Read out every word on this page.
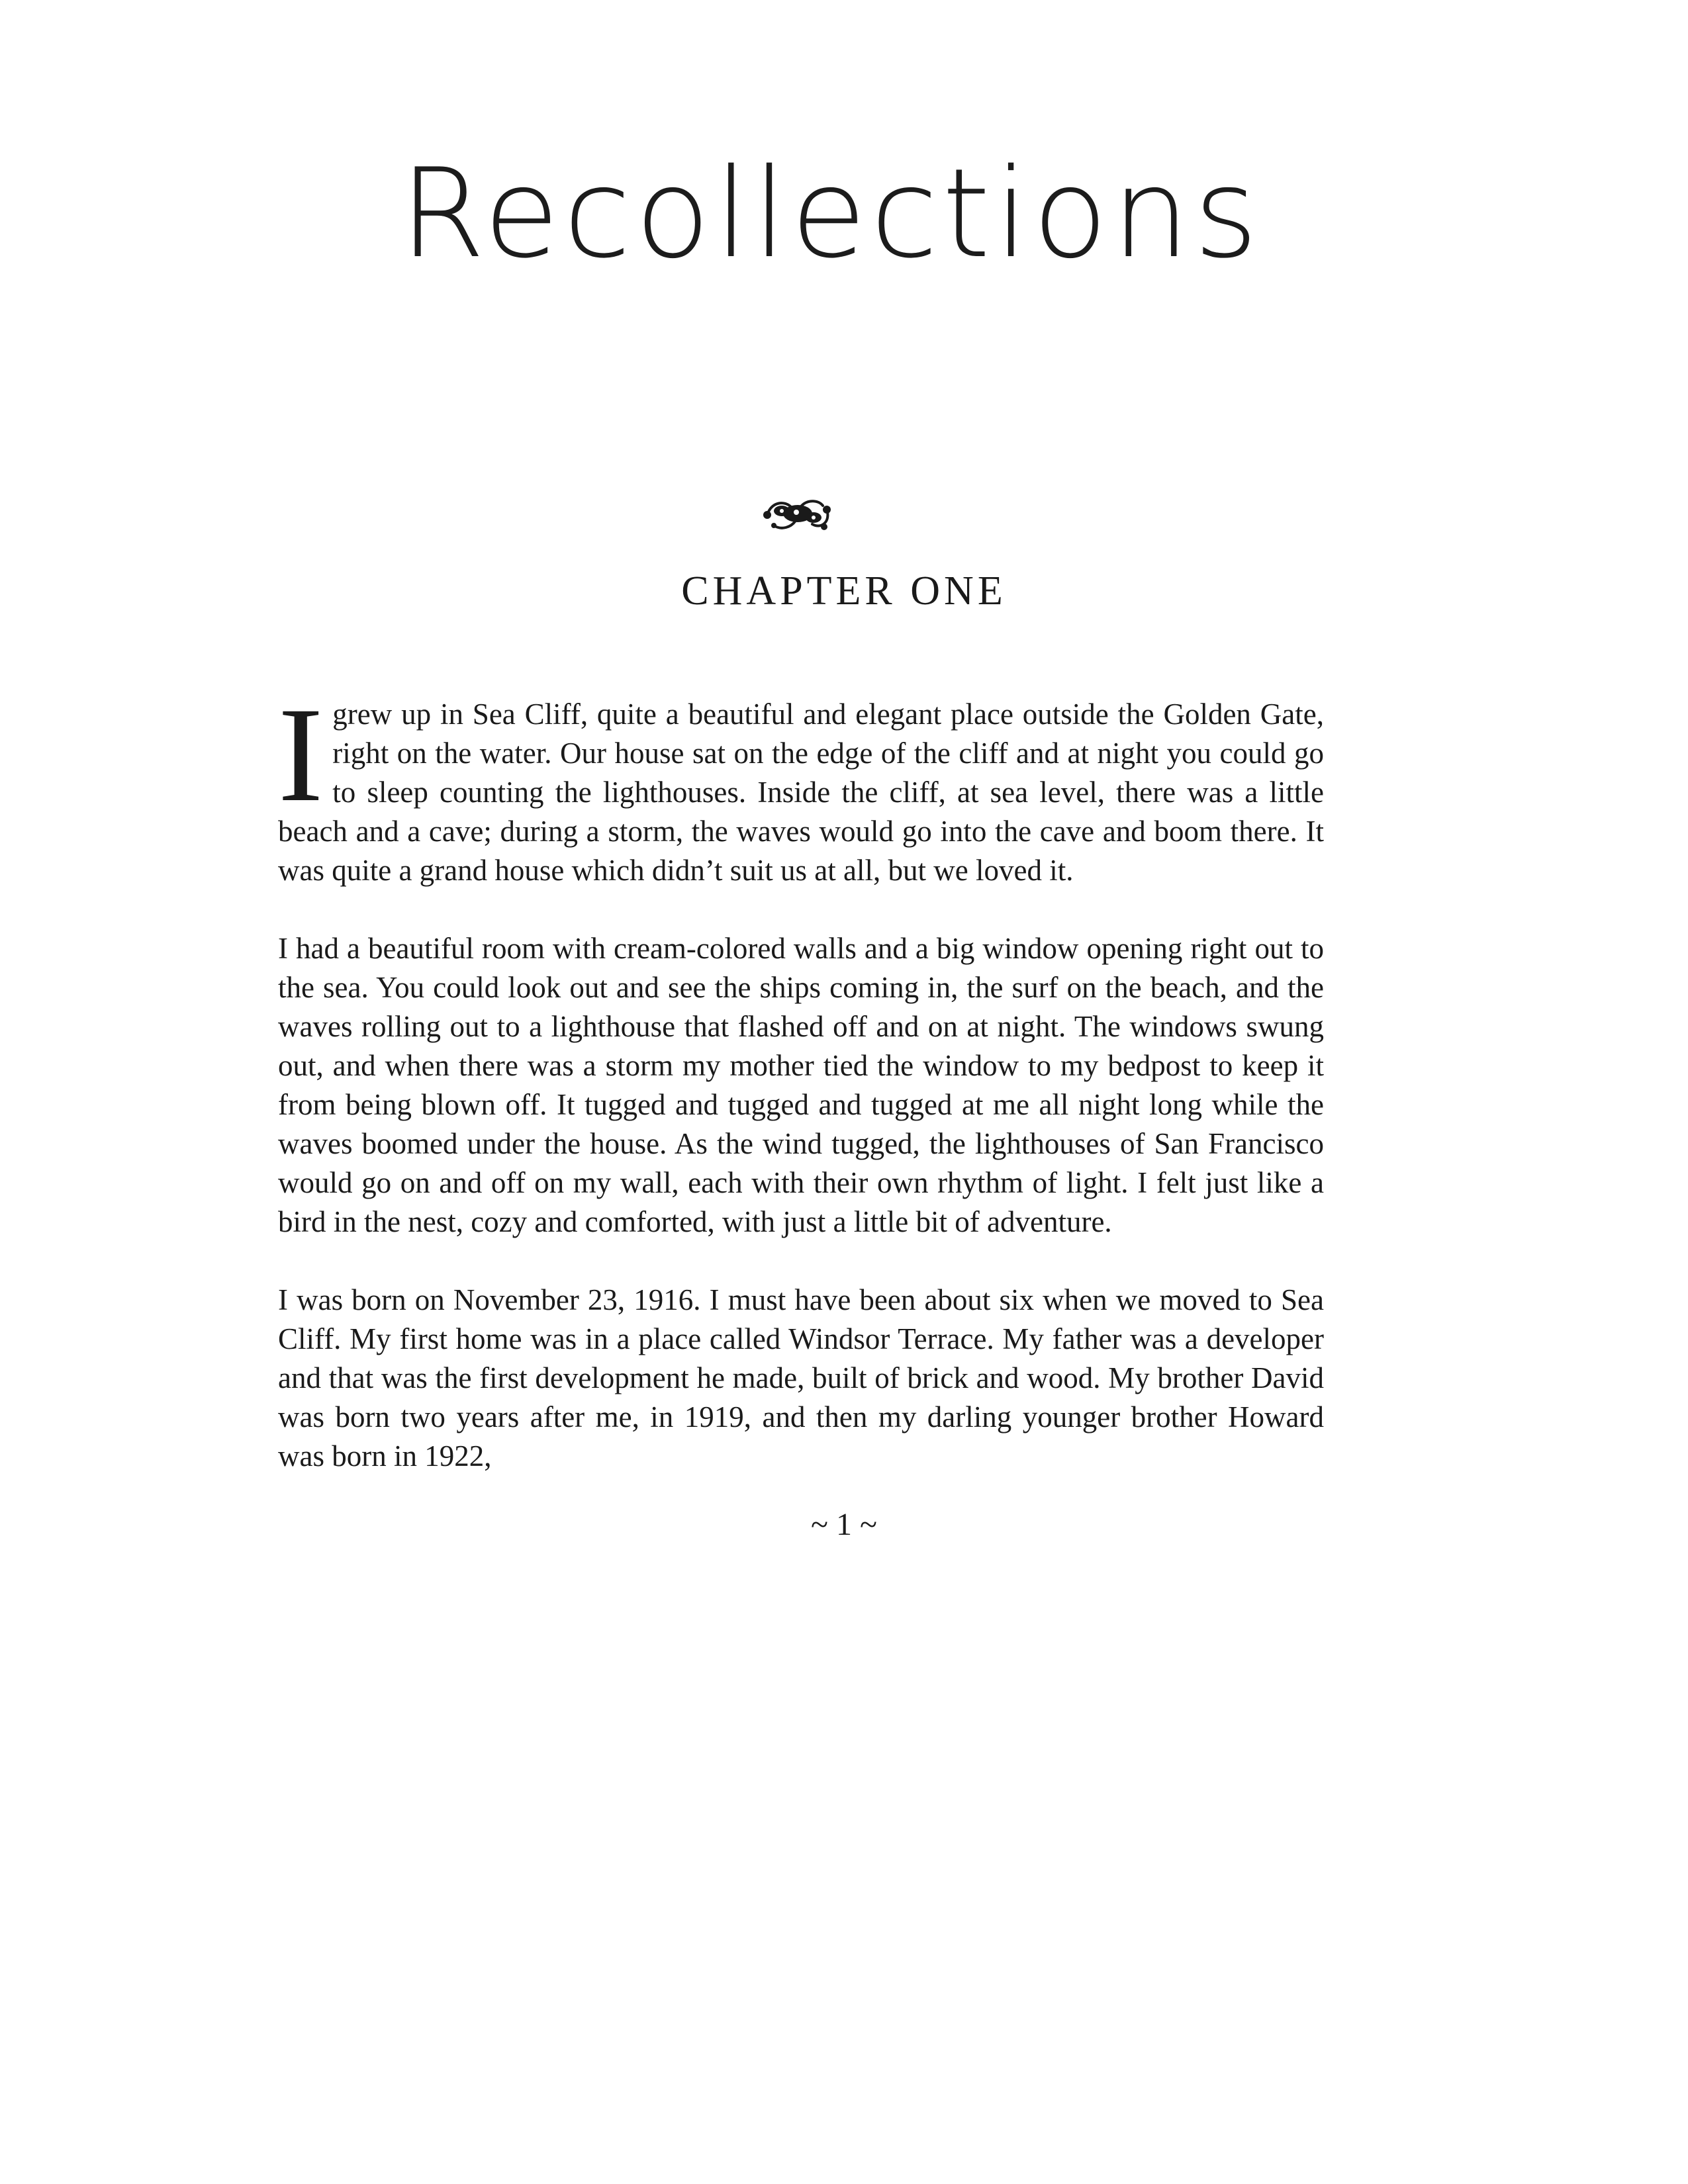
Recollections
CHAPTER ONE

Igrew up in Sea Cliff, quite a beautiful and elegant place outside the Golden Gate, right on the water. Our house sat on the edge of the cliff and at night you could go to sleep counting the lighthouses. Inside the cliff, at sea level, there was a little beach and a cave; during a storm, the waves would go into the cave and boom there. It was quite a grand house which didn’t suit us at all, but we loved it.

I had a beautiful room with cream-colored walls and a big window opening right out to the sea. You could look out and see the ships coming in, the surf on the beach, and the waves rolling out to a lighthouse that flashed off and on at night. The windows swung out, and when there was a storm my mother tied the window to my bedpost to keep it from being blown off. It tugged and tugged and tugged at me all night long while the waves boomed under the house. As the wind tugged, the lighthouses of San Francisco would go on and off on my wall, each with their own rhythm of light. I felt just like a bird in the nest, cozy and comforted, with just a little bit of adventure.

I was born on November 23, 1916. I must have been about six when we moved to Sea Cliff. My first home was in a place called Windsor Terrace. My father was a developer and that was the first development he made, built of brick and wood. My brother David was born two years after me, in 1919, and then my darling younger brother Howard was born in 1922,

~ 1 ~
